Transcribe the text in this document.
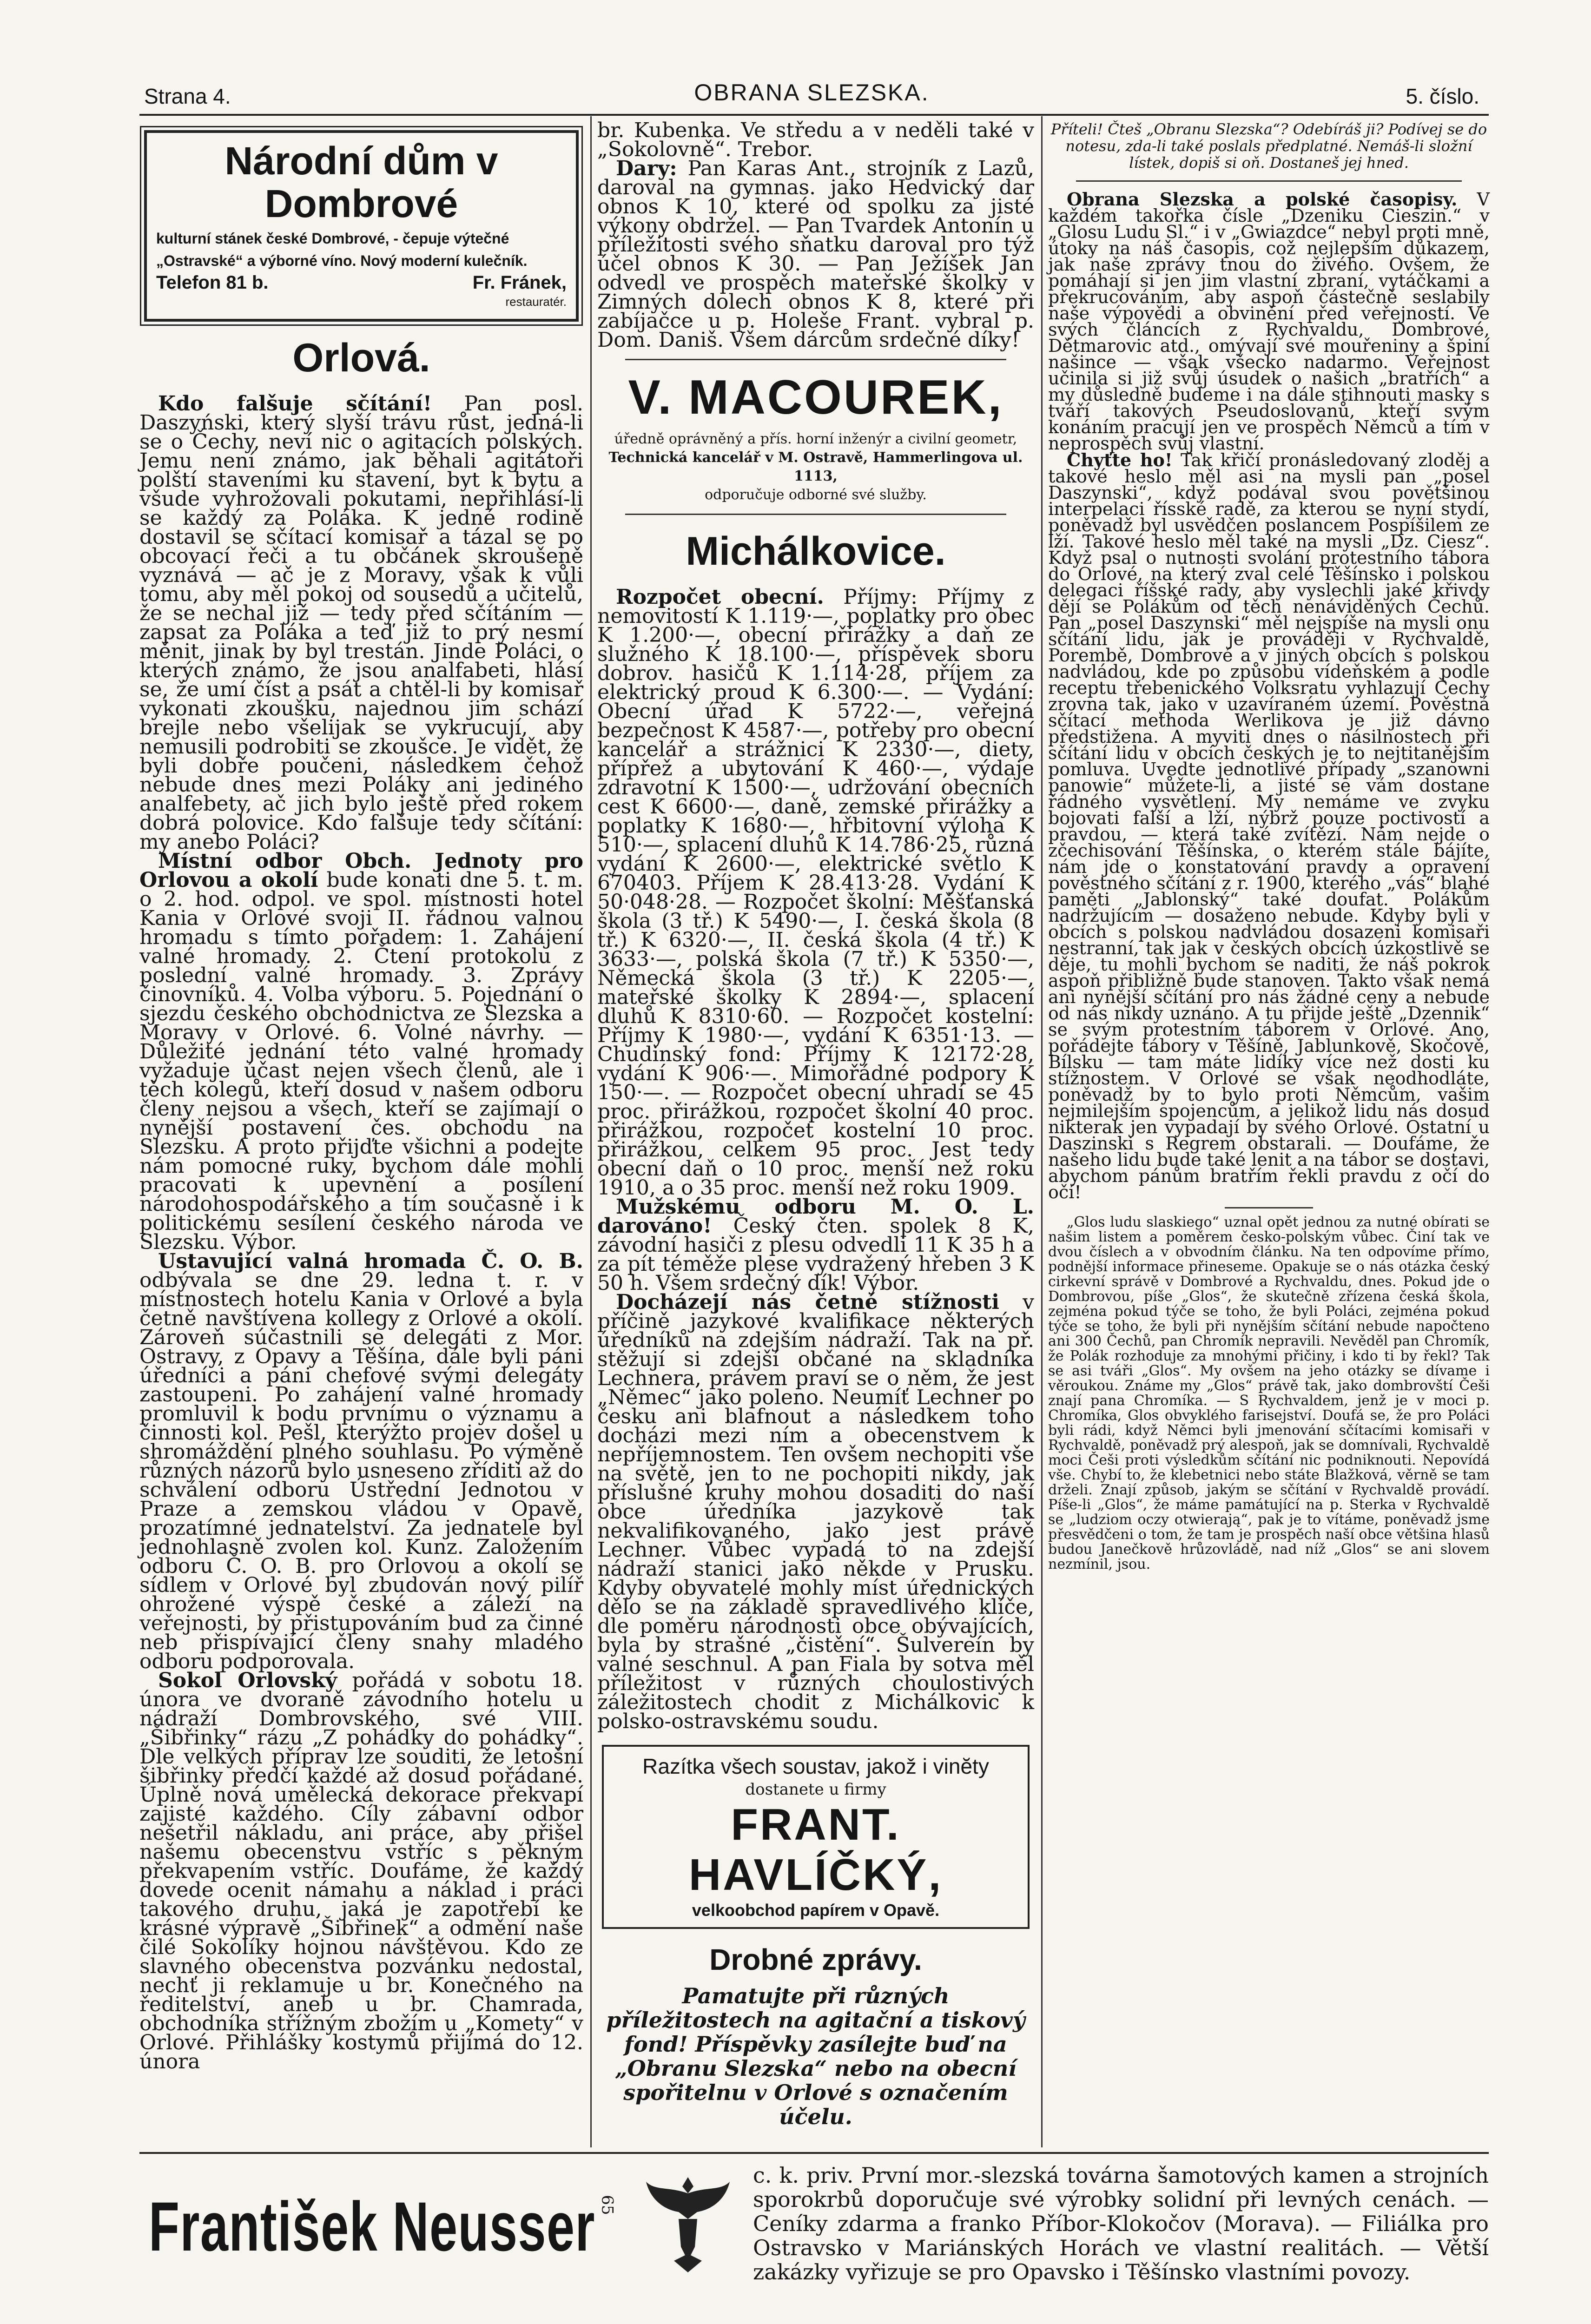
Strana 4.	OBRANA SLEZSKA.	5. číslo.
Národní dům v Dombrové
kulturní stánek české Dombrové, - čepuje výtečné
„Ostravské“ a výborné víno. Nový moderní kulečník.
Telefon 81 b.	Fr. Fránek,
restauratér.
Orlová.

Kdo falšuje sčítání! Pan posl. Daszyński, který slyší trávu růst, jedná-li se o Čechy, neví nic o agitacích polských. Jemu není známo, jak běhali agitátoři polští staveními ku stavení, byt k bytu a všude vyhrožovali pokutami, nepřihlásí-li se každý za Poláka. K jedné rodině dostavil se sčítací komisař a tázal se po obcovací řeči a tu občánek skroušeně vyznává — ač je z Moravy, však k vůli tomu, aby měl pokoj od sousedů a učitelů, že se nechal již — tedy před sčítáním — zapsat za Poláka a teď již to prý nesmí měnit, jinak by byl trestán. Jinde Poláci, o kterých známo, že jsou analfabeti, hlásí se, že umí číst a psát a chtěl-li by komisař vykonati zkoušku, najednou jim schází brejle nebo všelijak se vykrucují, aby nemusili podrobiti se zkoušce. Je vidět, že byli dobře poučeni, následkem čehož nebude dnes mezi Poláky ani jediného analfebety, ač jich bylo ještě před rokem dobrá polovice. Kdo falšuje tedy sčítání: my anebo Poláci?

Místní odbor Obch. Jednoty pro Orlovou a okolí bude konati dne 5. t. m. o 2. hod. odpol. ve spol. místnosti hotel Kania v Orlové svoji II. řádnou valnou hromadu s tímto pořadem: 1. Zahájení valné hromady. 2. Čtení protokolu z poslední valné hromady. 3. Zprávy činovníků. 4. Volba výboru. 5. Pojednání o sjezdu českého obchodnictva ze Slezska a Moravy v Orlové. 6. Volné návrhy. — Důležité jednání této valné hromady vyžaduje účast nejen všech členů, ale i těch kolegů, kteří dosud v našem odboru členy nejsou a všech, kteří se zajímají o nynější postavení čes. obchodu na Slezsku. A proto přijďte všichni a podejte nám pomocné ruky, bychom dále mohli pracovati k upevnění a posílení národohospodářského a tím současně i k politickému sesílení českého národa ve Slezsku. Výbor.

Ustavující valná hromada Č. O. B. odbývala se dne 29. ledna t. r. v místnostech hotelu Kania v Orlové a byla četně navštívena kollegy z Orlové a okolí. Zároveň súčastnili se delegáti z Mor. Ostravy, z Opavy a Těšína, dále byli páni úředníci a páni chefové svými delegáty zastoupeni. Po zahájení valné hromady promluvil k bodu prvnímu o významu a činnosti kol. Pešl, kterýžto projev došel u shromáždění plného souhlasu. Po výměně různých názorů bylo usneseno zříditi až do schválení odboru Ústřední Jednotou v Praze a zemskou vládou v Opavě, prozatímné jednatelství. Za jednatele byl jednohlasně zvolen kol. Kunz. Založením odboru Č. O. B. pro Orlovou a okolí se sídlem v Orlové byl zbudován nový pilíř ohrožené výspě české a záleží na veřejnosti, by přistupováním bud za činné neb přispívající členy snahy mladého odboru podporovala.

Sokol Orlovský pořádá v sobotu 18. února ve dvoraně závodního hotelu u nádraží Dombrovského, své VIII. „Šibřinky“ rázu „Z pohádky do pohádky“. Dle velkých příprav lze souditi, že letošní šibřinky předčí každé až dosud pořádané. Úplně nová umělecká dekorace překvapí zajisté každého. Cíly zábavní odbor nešetřil nákladu, ani práce, aby přišel našemu obecenstvu vstříc s pěkným překvapením vstříc. Doufáme, že každý dovede ocenit námahu a náklad i práci takového druhu, jaká je zapotřebí ke krásné výpravě „Šibřinek“ a odmění naše čilé Sokolíky hojnou návštěvou. Kdo ze slavného obecenstva pozvánku nedostal, nechť ji reklamuje u br. Konečného na ředitelství, aneb u br. Chamrada, obchodníka střížným zbožím u „Komety“ v Orlové. Přihlášky kostymů přijímá do 12. února

br. Kubenka. Ve středu a v neděli také v „Sokolovně“. Trebor.

Dary: Pan Karas Ant., strojník z Lazů, daroval na gymnas. jako Hedvický dar obnos K 10, které od spolku za jisté výkony obdržel. — Pan Tvardek Antonín u příležitosti svého sňatku daroval pro týž účel obnos K 30. — Pan Ježíšek Jan odvedl ve prospěch mateřské školky v Zimných dolech obnos K 8, které při zabíjačce u p. Holeše Frant. vybral p. Dom. Daniš. Všem dárcům srdečné díky!

V. MACOUREK,
úředně oprávněný a přís. horní inženýr a civilní geometr,
Technická kancelář v M. Ostravě, Hammerlingova ul. 1113,
odporučuje odborné své služby.
Michálkovice.

Rozpočet obecní. Příjmy: Příjmy z nemovitostí K 1.119·—, poplatky pro obec K 1.200·—, obecní přirážky a daň ze služného K 18.100·—, příspěvek sboru dobrov. hasičů K 1.114·28, příjem za elektrický proud K 6.300·—. — Vydání: Obecní úřad K 5722·—, veřejná bezpečnost K 4587·—, potřeby pro obecní kancelář a strážnici K 2330·—, diety, přípřež a ubytování K 460·—, výdaje zdravotní K 1500·—, udržování obecních cest K 6600·—, daně, zemské přirážky a poplatky K 1680·—, hřbitovní výloha K 510·—, splacení dluhů K 14.786·25, různá vydání K 2600·—, elektrické světlo K 670403. Příjem K 28.413·28. Vydání K 50·048·28. — Rozpočet školní: Měšťanská škola (3 tř.) K 5490·—, I. česká škola (8 tř.) K 6320·—, II. česká škola (4 tř.) K 3633·—, polská škola (7 tř.) K 5350·—, Německá škola (3 tř.) K 2205·—, mateřské školky K 2894·—, splacení dluhů K 8310·60. — Rozpočet kostelní: Příjmy K 1980·—, vydání K 6351·13. — Chudinský fond: Příjmy K 12172·28, vydání K 906·—. Mimořádné podpory K 150·—. — Rozpočet obecní uhradí se 45 proc. přirážkou, rozpočet školní 40 proc. přirážkou, rozpočet kostelní 10 proc. přirážkou, celkem 95 proc. Jest tedy obecní daň o 10 proc. menší než roku 1910, a o 35 proc. menší než roku 1909.

Mužskému odboru M. O. L. darováno! Český čten. spolek 8 K, závodní hasiči z plesu odvedli 11 K 35 h a za pít téměže plese vydražený hřeben 3 K 50 h. Všem srdečný dík! Výbor.

Docházejí nás četné stížnosti v příčině jazykové kvalifikace některých úředníků na zdejším nádraží. Tak na př. stěžují si zdejší občané na skladníka Lechnera, právem praví se o něm, že jest „Němec“ jako poleno. Neumíť Lechner po česku ani blafnout a následkem toho docházi mezi ním a obecenstvem k nepříjemnostem. Ten ovšem nechopiti vše na světě, jen to ne pochopiti nikdy, jak příslušné kruhy mohou dosaditi do naší obce úředníka jazykově tak nekvalifikovaného, jako jest právě Lechner. Vůbec vypadá to na zdejší nádraží stanici jako někde v Prusku. Kdyby obyvatelé mohly míst úřednických dělo se na základě spravedlivého klíče, dle poměru národnosti obce obývajících, byla by strašné „čistění“. Šulvereín by valné seschnul. A pan Fiala by sotva měl příležitost v různých choulostivých záležitostech chodit z Michálkovic k polsko-ostravskému soudu.

Razítka všech soustav, jakož i vinĕty
dostanete u firmy
FRANT. HAVLÍČKÝ,
velkoobchod papírem v Opavě.
Drobné zprávy.
Pamatujte při různých příležitostech na agitační a tiskový fond! Příspěvky zasílejte buď na „Obranu Slezska“ nebo na obecní spořitelnu v Orlové s označením účelu.
Příteli! Čteš „Obranu Slezska“? Odebíráš ji? Podívej se do notesu, zda-li také poslals předplatné. Nemáš-li složní lístek, dopiš si oň. Dostaneš jej hned.

Obrana Slezska a polské časopisy. V každém takořka čísle „Dzeniku Cieszin.“ v „Glosu Ludu Sl.“ i v „Gwiazdce“ nebyl proti mně, útoky na náš časopis, což nejlepším důkazem, jak naše zprávy tnou do živého. Ovšem, že pomáhají si jen jim vlastní zbraní, vytáčkami a překrucováním, aby aspoň částečně seslabily naše výpovědi a obvinění před veřejností. Ve svých článcích z Rychvaldu, Dombrové, Dětmarovic atd., omývají své mouřeniny a špiní našince — však všeckο nadarmo. Veřejnost učinila si již svůj úsudek o našich „bratřích“ a my důsledně budeme i na dále stihnouti masky s tváří takových Pseudoslovanů, kteří svým konáním pracují jen ve prospěch Němců a tím v neprospěch svůj vlastní.

Chyťte ho! Tak křičí pronásledovaný zloděj a takové heslo měl asi na mysli pan „posel Daszynski“, když podával svou povětšinou interpelaci řísské radě, za kterou se nyní stydí, poněvadž byl usvědčen poslancem Pospíšilem ze lží. Takové heslo měl také na mysli „Dz. Ciesz“. Když psal o nutnosti svolání protestního tábora do Orlové, na který zval celé Těšínsko i polskou delegaci říšské rady, aby vyslechli jaké křivdy dějí se Polákům od těch nenáviděných Čechů. Pan „posel Daszynski“ měl nejspíše na mysli onu sčítání lidu, jak je prováději v Rychvaldě, Porembě, Dombrové a v jiných obcích s polskou nadvládou, kde po způsobu vídeňském a podle receptu třebenického Volksratu vyhlazují Čechy zrovna tak, jako v uzavíraném území. Pověstná sčítací methoda Werlikova je již dávno předstižena. A myviti dnes o násilnostech při sčítání lidu v obcích českých je to nejtitanějším pomluva. Uvedte jednotlivé případy „szanowni panowie“ můžete-li, a jisté se vám dostane řádného vysvětlení. My nemáme ve zvyku bojovati falší a lží, nýbrž pouze poctivostí a pravdou, — která také zvítězí. Nám nejde o zčechisování Těšínska, o kterém stále bájíte, nám jde o konstatování pravdy a opravení pověstného sčítání z r. 1900, kterého „vás“ blahé paměti „Jablonský“ také doufat. Polákům nadržujícím — dosaženo nebude. Kdyby byli v obcích s polskou nadvládou dosazeni komisaři nestranní, tak jak v českých obcích úzkostlivě se děje, tu mohli bychom se naditi, že náš pokrok aspoň přibližně bude stanoven. Takto však nemá ani nynější sčítání pro nás žádné ceny a nebude od nás nikdy uznáno. A tu přijde ještě „Dzennik“ se svým protestním táborem v Orlové. Ano, pořádejte tábory v Těšíně, Jablunkově, Skočově, Bílsku — tam máte lidíky více než dosti ku stížnostem. V Orlové se však neodhodláte, poněvadž by to bylo proti Němcům, vašim nejmilejším spojencům, a jelikož lidu nás dosud nikterak jen vypadají by svého Orlové. Ostatní u Daszinski s Regrem obstarali. — Doufáme, že našeho lidu bude také lenit a na tábor se dostavi, abychom pánům bratřím řekli pravdu z očí do očí!

„Glos ludu slaskiego“ uznal opět jednou za nutné obírati se našim listem a poměrem česko-polským vůbec. Činí tak ve dvou číslech a v obvodním článku. Na ten odpovíme přímo, podnější informace přineseme. Opakuje se o nás otázka český cirkevní správě v Dombrové a Rychvaldu, dnes. Pokud jde o Dombrovou, píše „Glos“, že skutečně zřízena česká škola, zejména pokud týče se toho, že byli Poláci, zejména pokud týče se toho, že byli při nynějším sčítání nebude napočteno ani 300 Čechů, pan Chromík nepravili. Nevěděl pan Chromík, že Polák rozhoduje za mnohými přičiny, i kdo ti by řekl? Tak se asi tváři „Glos“. My ovšem na jeho otázky se dívame i věroukou. Známe my „Glos“ právě tak, jako dombrovští Češi znají pana Chromíka. — S Rychvaldem, jenž je v moci p. Chromíka, Glos obvyklého farisejství. Doufá se, že pro Poláci byli rádi, když Němci byli jmenování sčítacími komisaři v Rychvaldě, poněvadž prý alespoň, jak se domnívali, Rychvaldě moci Češi proti výsledkům sčítání nic podniknouti. Nepovídá vše. Chybí to, že klebetnici nebo státe Blažková, věrně se tam drželi. Znají způsob, jakým se sčítání v Rychvaldě provádí. Píše-li „Glos“, že máme památující na p. Sterka v Rychvaldě se „ludziom oczy otwierają“, pak je to vítáme, poněvadž jsme přesvědčeni o tom, že tam je prospěch naší obce většina hlasů budou Janečkově hrůzovládě, nad níž „Glos“ se ani slovem nezmínil, jsou.

František Neusser 65
c. k. priv. První mor.-slezská továrna šamotových kamen a strojních sporokrbů doporučuje své výrobky solidní při levných cenách. — Ceníky zdarma a franko Příbor-Klokočov (Morava). — Filiálka pro Ostravsko v Mariánských Horách ve vlastní realitách. — Větší zakázky vyřizuje se pro Opavsko i Těšínsko vlastními povozy.
